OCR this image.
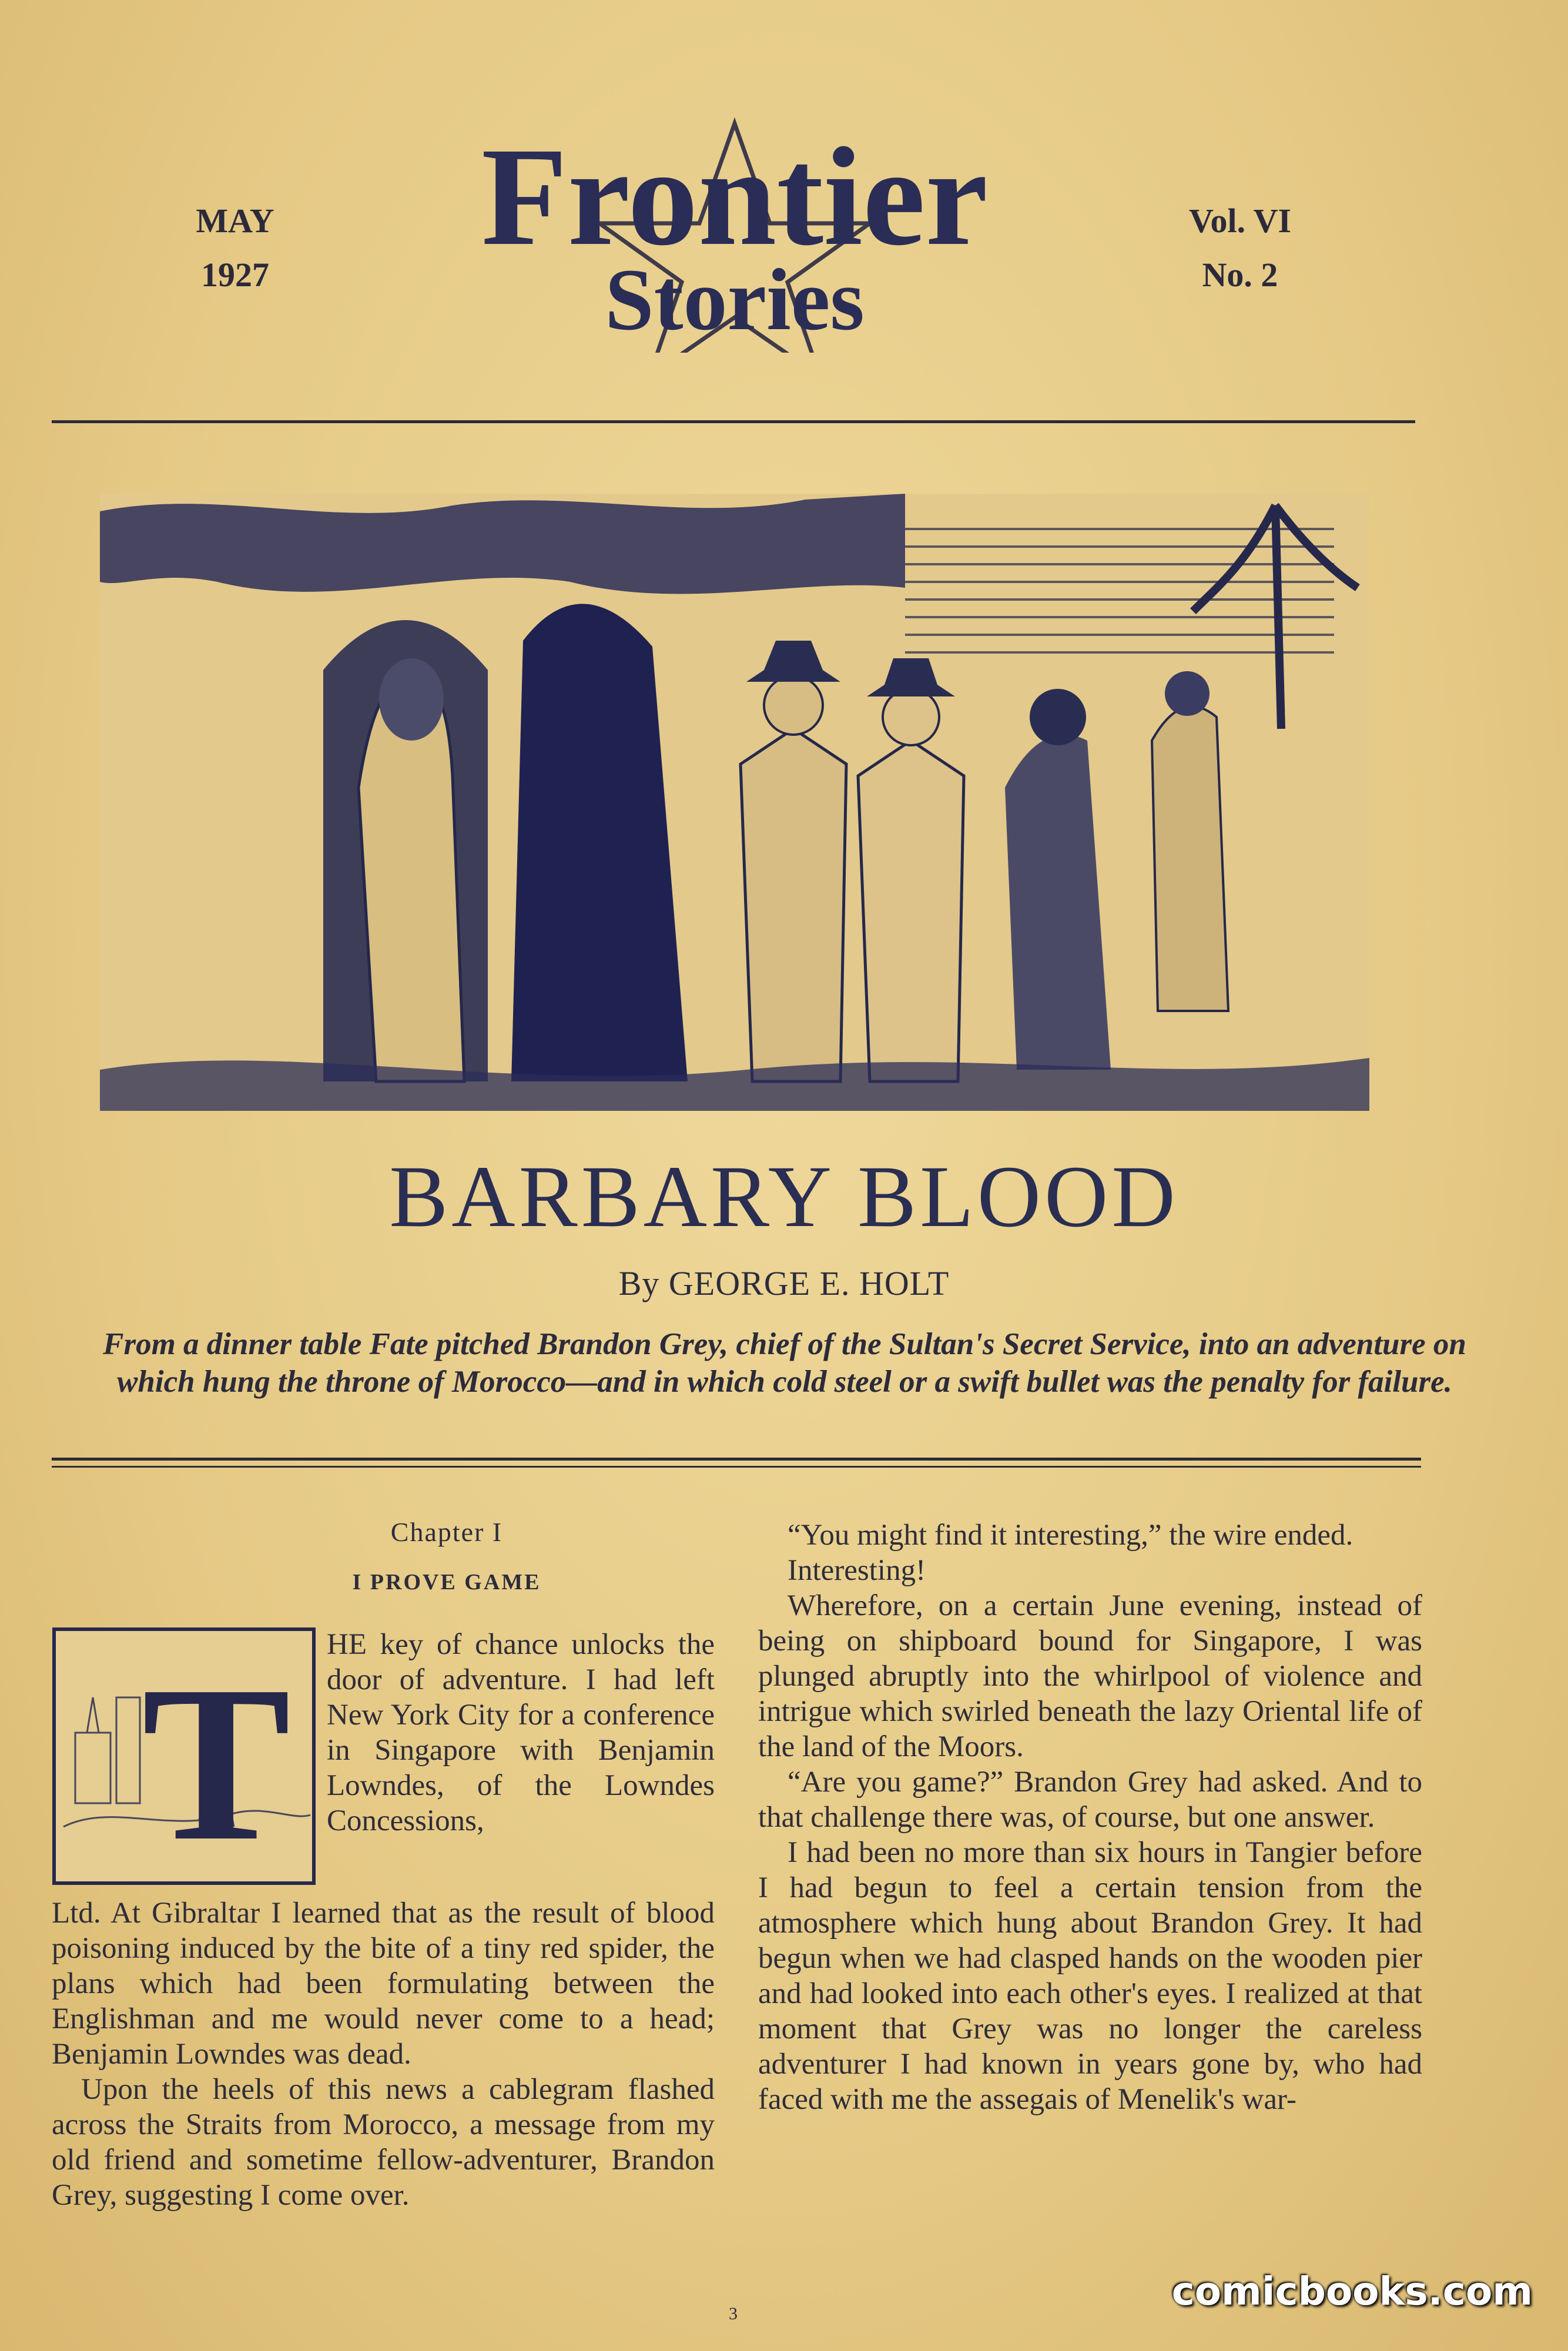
MAY
1927
Frontier
Stories
Vol. VI
No. 2
BARBARY BLOOD
By GEORGE E. HOLT
From a dinner table Fate pitched Brandon Grey, chief of the Sultan's Secret Service, into an adventure on which hung the throne of Morocco—and in which cold steel or a swift bullet was the penalty for failure.
Chapter I
I PROVE GAME
T HE key of chance unlocks the door of adventure. I had left New York City for a conference in Singapore with Benjamin Lowndes, of the Lowndes Concessions,

Ltd. At Gibraltar I learned that as the result of blood poisoning induced by the bite of a tiny red spider, the plans which had been formulating between the Englishman and me would never come to a head; Benjamin Lowndes was dead.

Upon the heels of this news a cablegram flashed across the Straits from Morocco, a message from my old friend and sometime fellow-adventurer, Brandon Grey, suggesting I come over.

“You might find it interesting,” the wire ended.

Interesting!

Wherefore, on a certain June evening, instead of being on shipboard bound for Singapore, I was plunged abruptly into the whirlpool of violence and intrigue which swirled beneath the lazy Oriental life of the land of the Moors.

“Are you game?” Brandon Grey had asked. And to that challenge there was, of course, but one answer.

I had been no more than six hours in Tangier before I had begun to feel a certain tension from the atmosphere which hung about Brandon Grey. It had begun when we had clasped hands on the wooden pier and had looked into each other's eyes. I realized at that moment that Grey was no longer the careless adventurer I had known in years gone by, who had faced with me the assegais of Menelik's war-

3	comicbooks.com
